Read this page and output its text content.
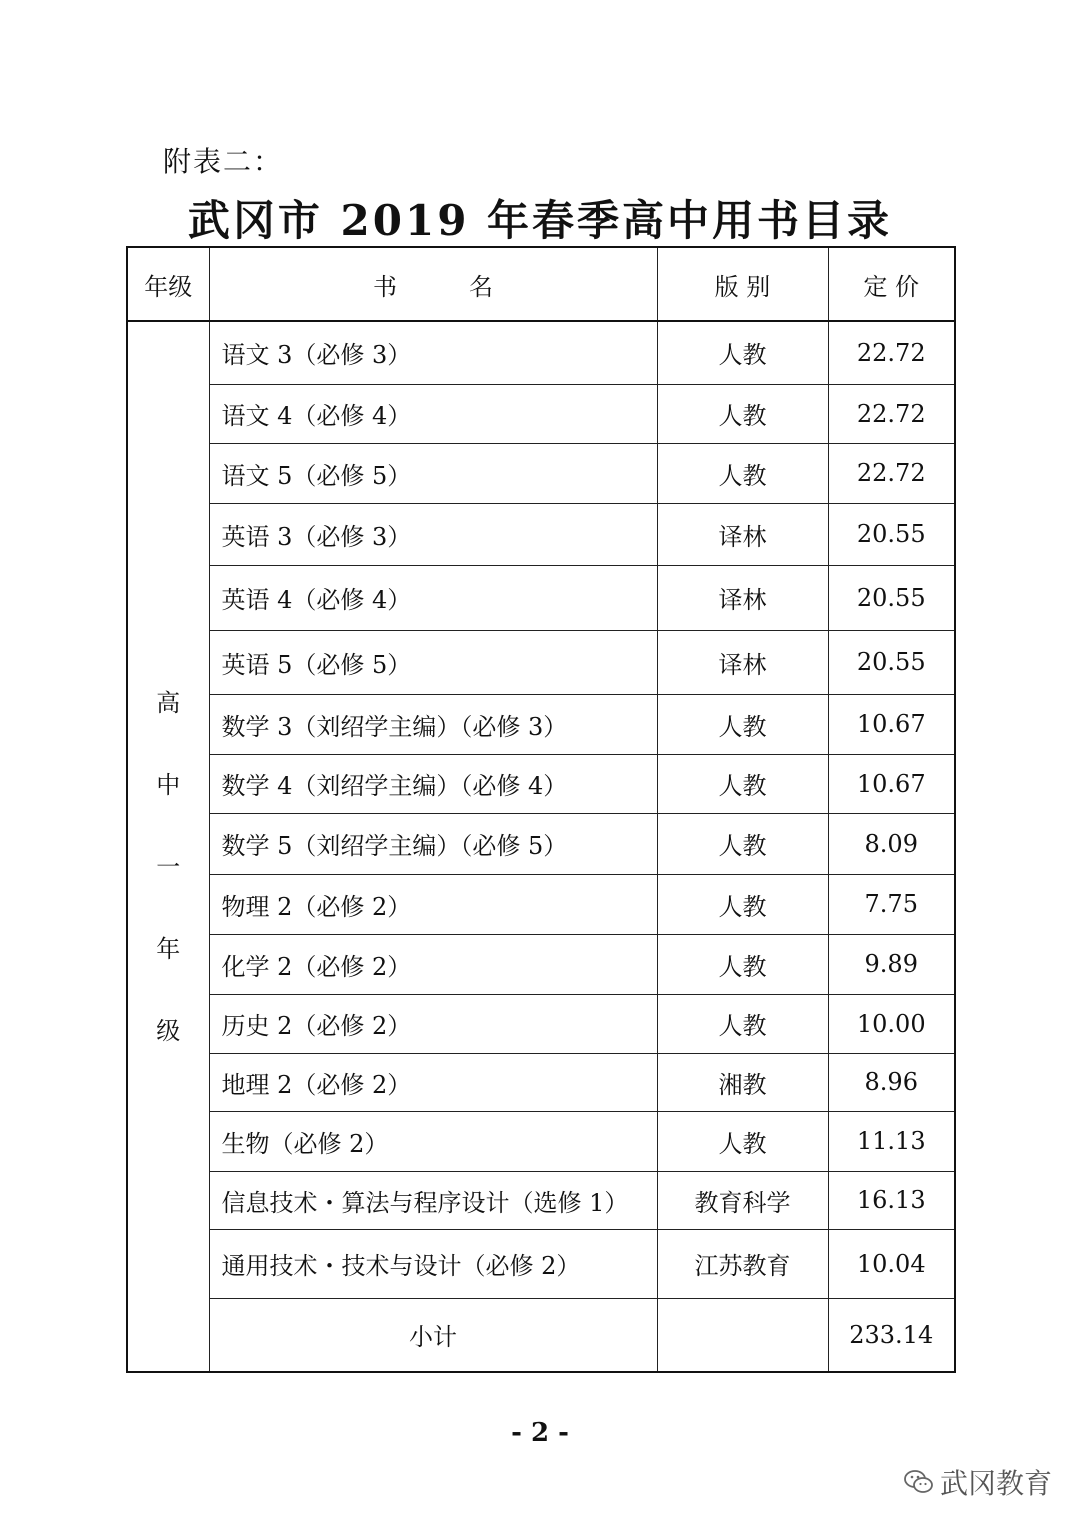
附表二：
武冈市 2019 年春季高中用书目录
年级	书　　　名	版 别	定 价

高
中
一
年
级	语文 3（必修 3）	人教	22.72
	语文 4（必修 4）	人教	22.72
	语文 5（必修 5）	人教	22.72
	英语 3（必修 3）	译林	20.55
	英语 4（必修 4）	译林	20.55
	英语 5（必修 5）	译林	20.55
	数学 3（刘绍学主编）（必修 3）	人教	10.67
	数学 4（刘绍学主编）（必修 4）	人教	10.67
	数学 5（刘绍学主编）（必修 5）	人教	8.09
	物理 2（必修 2）	人教	7.75
	化学 2（必修 2）	人教	9.89
	历史 2（必修 2）	人教	10.00
	地理 2（必修 2）	湘教	8.96
	生物（必修 2）	人教	11.13
	信息技术・算法与程序设计（选修 1）	教育科学	16.13
	通用技术・技术与设计（必修 2）	江苏教育	10.04
	小计		233.14
- 2 -
武冈教育
